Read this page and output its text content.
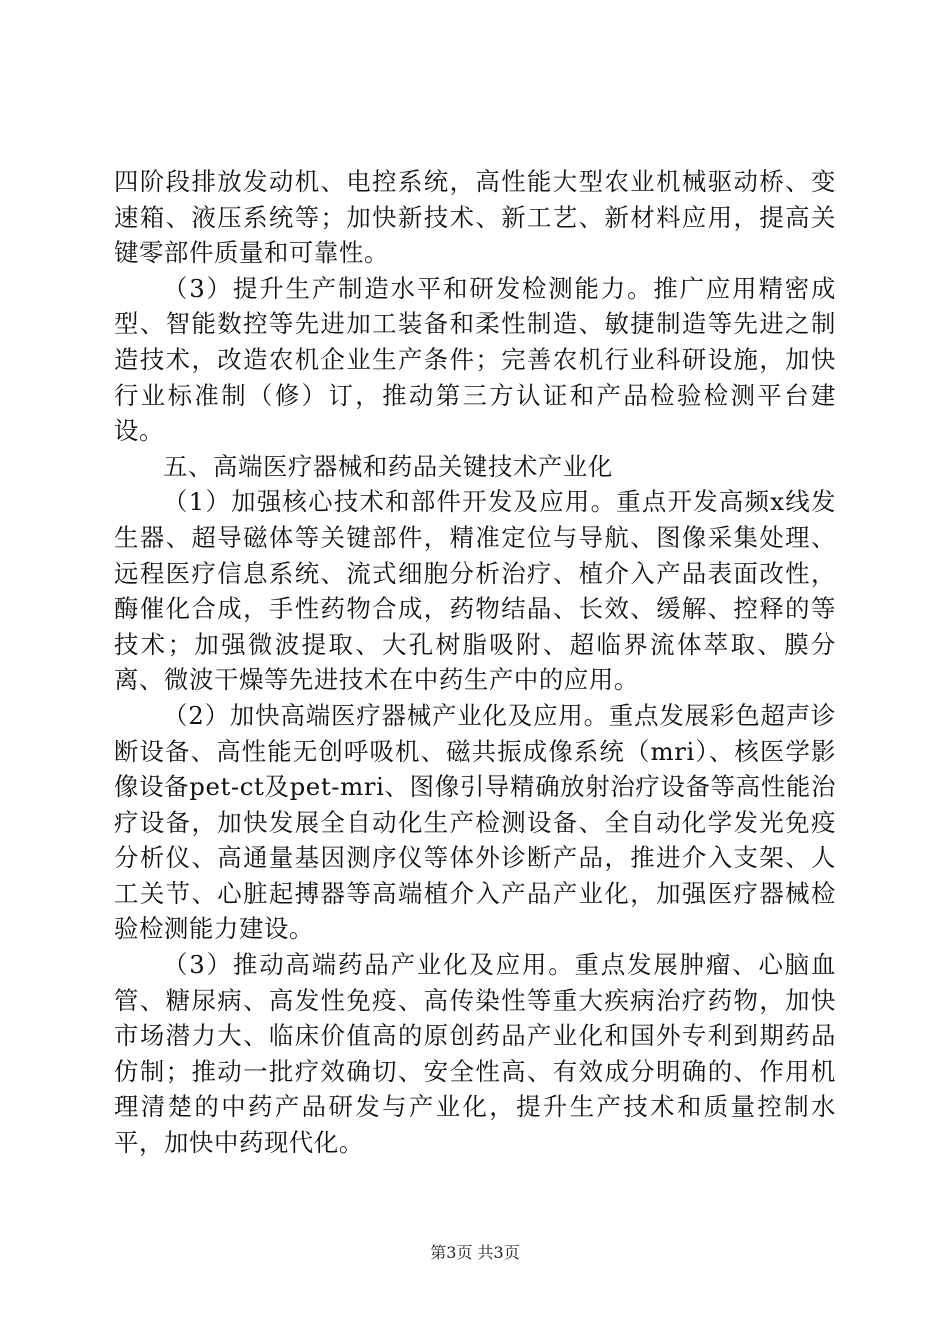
四阶段排放发动机、电控系统，高性能大型农业机械驱动桥、变速箱、液压系统等；加快新技术、新工艺、新材料应用，提高关键零部件质量和可靠性。

（3）提升生产制造水平和研发检测能力。推广应用精密成型、智能数控等先进加工装备和柔性制造、敏捷制造等先进之制造技术，改造农机企业生产条件；完善农机行业科研设施，加快行业标准制（修）订，推动第三方认证和产品检验检测平台建设。

五、高端医疗器械和药品关键技术产业化

（1）加强核心技术和部件开发及应用。重点开发高频x线发生器、超导磁体等关键部件，精准定位与导航、图像采集处理、远程医疗信息系统、流式细胞分析治疗、植介入产品表面改性，酶催化合成，手性药物合成，药物结晶、长效、缓解、控释的等技术；加强微波提取、大孔树脂吸附、超临界流体萃取、膜分离、微波干燥等先进技术在中药生产中的应用。

（2）加快高端医疗器械产业化及应用。重点发展彩色超声诊断设备、高性能无创呼吸机、磁共振成像系统（mri）、核医学影像设备pet-ct及pet-mri、图像引导精确放射治疗设备等高性能治疗设备，加快发展全自动化生产检测设备、全自动化学发光免疫分析仪、高通量基因测序仪等体外诊断产品，推进介入支架、人工关节、心脏起搏器等高端植介入产品产业化，加强医疗器械检验检测能力建设。

（3）推动高端药品产业化及应用。重点发展肿瘤、心脑血管、糖尿病、高发性免疫、高传染性等重大疾病治疗药物，加快市场潜力大、临床价值高的原创药品产业化和国外专利到期药品仿制；推动一批疗效确切、安全性高、有效成分明确的、作用机理清楚的中药产品研发与产业化，提升生产技术和质量控制水平，加快中药现代化。

第3页 共3页
